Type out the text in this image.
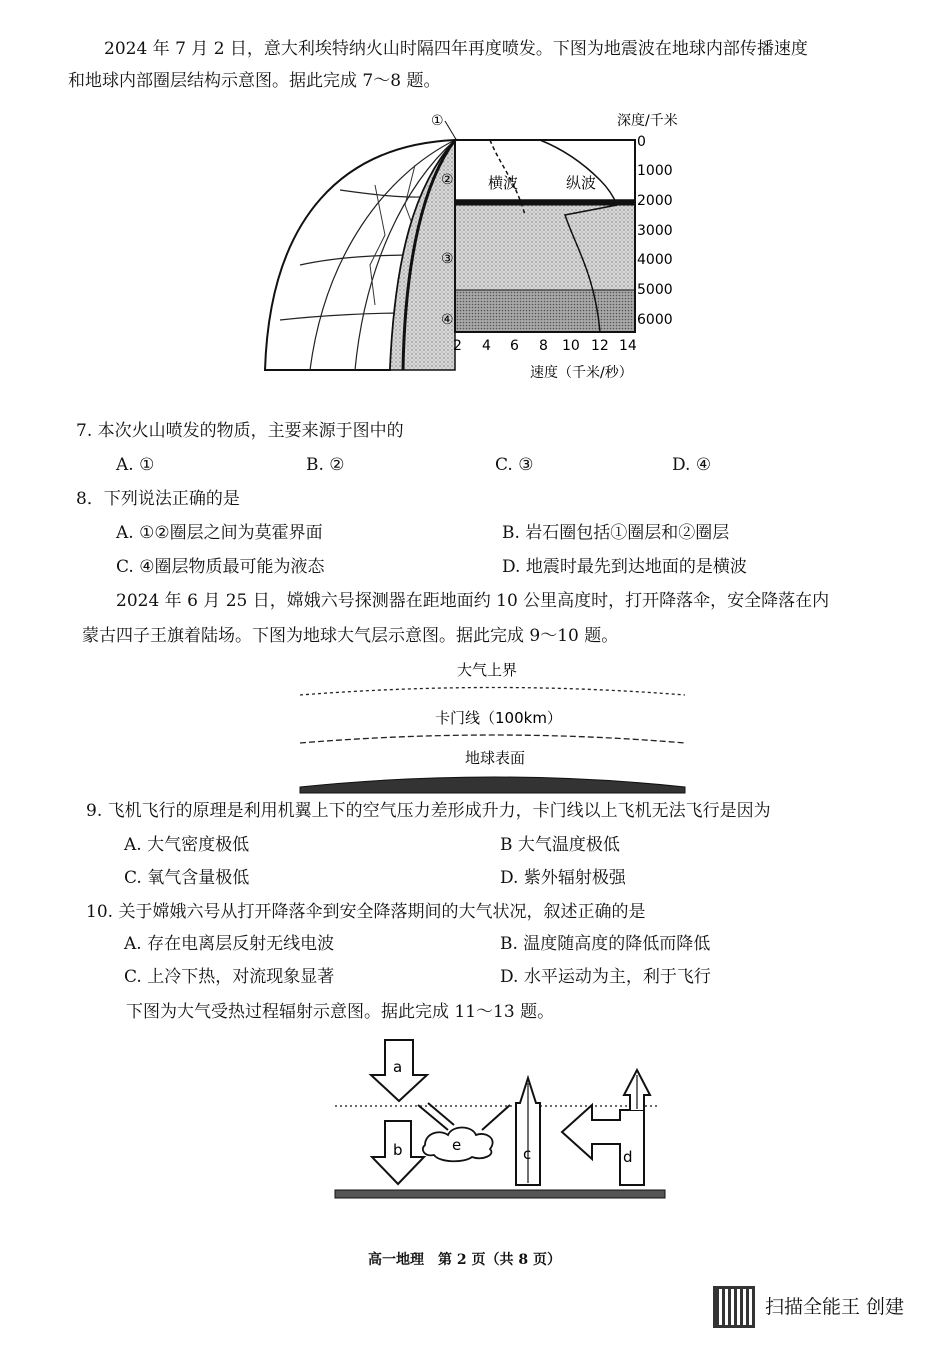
2024 年 7 月 2 日，意大利埃特纳火山时隔四年再度喷发。下图为地震波在地球内部传播速度
和地球内部圈层结构示意图。据此完成 7～8 题。
横波	纵波
①
②
③
④
深度/千米
0
1000
2000
3000
4000
5000
6000
2 4 6 8 10 12 14
速度（千米/秒）
7. 本次火山喷发的物质，主要来源于图中的
A. ①	B. ②	C. ③	D. ④
8．下列说法正确的是
A. ①②圈层之间为莫霍界面	B. 岩石圈包括①圈层和②圈层
C. ④圈层物质最可能为液态	D. 地震时最先到达地面的是横波
2024 年 6 月 25 日，嫦娥六号探测器在距地面约 10 公里高度时，打开降落伞，安全降落在内
蒙古四子王旗着陆场。下图为地球大气层示意图。据此完成 9～10 题。
大气上界
卡门线（100km）
地球表面
9. 飞机飞行的原理是利用机翼上下的空气压力差形成升力，卡门线以上飞机无法飞行是因为
A. 大气密度极低	B 大气温度极低
C. 氧气含量极低	D. 紫外辐射极强
10. 关于嫦娥六号从打开降落伞到安全降落期间的大气状况，叙述正确的是
A. 存在电离层反射无线电波	B. 温度随高度的降低而降低
C. 上冷下热，对流现象显著	D. 水平运动为主，利于飞行
下图为大气受热过程辐射示意图。据此完成 11～13 题。
a
b	e	c	d
高一地理　第 2 页（共 8 页）
扫描全能王 创建
